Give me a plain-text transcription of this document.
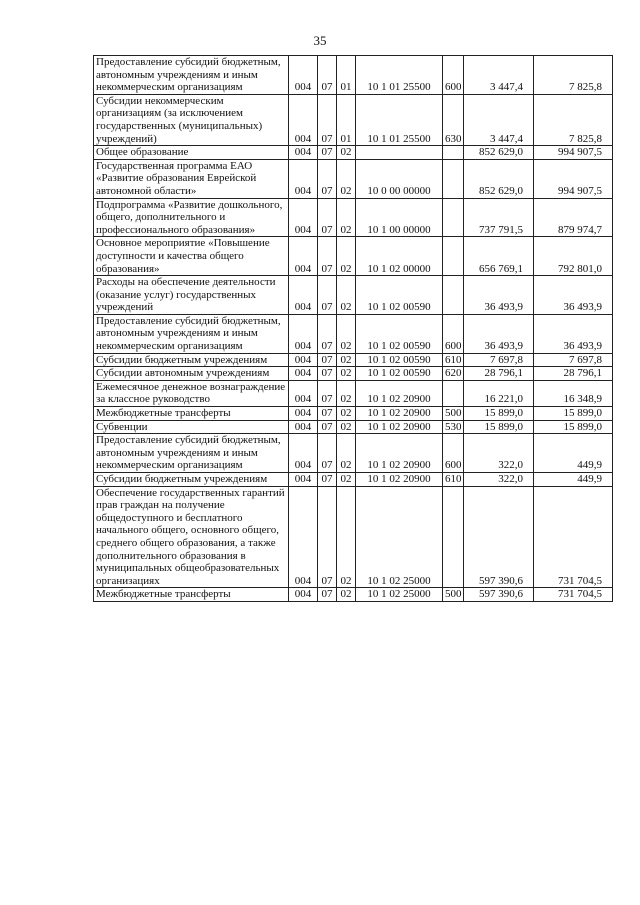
35
Предоставление субсидий бюджетным, автономным учреждениям и иным некоммерческим организациям	004	07	01	10 1 01 25500	600	3 447,4	7 825,8
Субсидии некоммерческим организациям (за исключением государственных (муниципальных) учреждений)	004	07	01	10 1 01 25500	630	3 447,4	7 825,8
Общее образование	004	07	02			852 629,0	994 907,5
Государственная программа ЕАО «Развитие образования Еврейской автономной области»	004	07	02	10 0 00 00000		852 629,0	994 907,5
Подпрограмма «Развитие дошкольного, общего, дополнительного и профессионального образования»	004	07	02	10 1 00 00000		737 791,5	879 974,7
Основное мероприятие «Повышение доступности и качества общего образования»	004	07	02	10 1 02 00000		656 769,1	792 801,0
Расходы на обеспечение деятельности (оказание услуг) государственных учреждений	004	07	02	10 1 02 00590		36 493,9	36 493,9
Предоставление субсидий бюджетным, автономным учреждениям и иным некоммерческим организациям	004	07	02	10 1 02 00590	600	36 493,9	36 493,9
Субсидии бюджетным учреждениям	004	07	02	10 1 02 00590	610	7 697,8	7 697,8
Субсидии автономным учреждениям	004	07	02	10 1 02 00590	620	28 796,1	28 796,1
Ежемесячное денежное вознаграждение за классное руководство	004	07	02	10 1 02 20900		16 221,0	16 348,9
Межбюджетные трансферты	004	07	02	10 1 02 20900	500	15 899,0	15 899,0
Субвенции	004	07	02	10 1 02 20900	530	15 899,0	15 899,0
Предоставление субсидий бюджетным, автономным учреждениям и иным некоммерческим организациям	004	07	02	10 1 02 20900	600	322,0	449,9
Субсидии бюджетным учреждениям	004	07	02	10 1 02 20900	610	322,0	449,9
Обеспечение государственных гарантий прав граждан на получение общедоступного и бесплатного начального общего, основного общего, среднего общего образования, а также дополнительного образования в муниципальных общеобразовательных организациях	004	07	02	10 1 02 25000		597 390,6	731 704,5
Межбюджетные трансферты	004	07	02	10 1 02 25000	500	597 390,6	731 704,5
